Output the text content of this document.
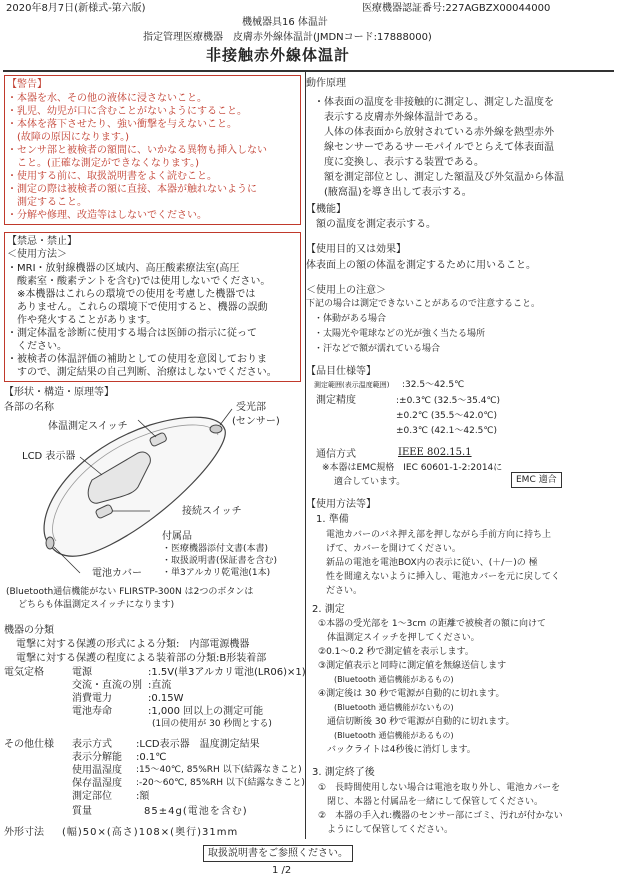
2020年8月7日(新様式-第六版)	医療機器認証番号:227AGBZX00044000
機械器具16 体温計
指定管理医療機器　皮膚赤外線体温計(JMDNコード:17888000)
非接触赤外線体温計
【警告】
・本器を水、その他の液体に浸さないこと。
・乳児、幼児が口に含むことがないようにすること。
・本体を落下させたり、強い衝撃を与えないこと。
　(故障の原因になります。)
・センサ部と被検者の額間に、いかなる異物も挿入しない
　こと。(正確な測定ができなくなります。)
・使用する前に、取扱説明書をよく読むこと。
・測定の際は被検者の額に直接、本器が触れないように
　測定すること。
・分解や修理、改造等はしないでください。
【禁忌・禁止】
＜使用方法＞
・MRI・放射線機器の区域内、高圧酸素療法室(高圧
　酸素室・酸素テントを含む)では使用しないでください。
　※本機器はこれらの環境での使用を考慮した機器では
　ありません。これらの環境下で使用すると、機器の誤動
　作や発火することがあります。
・測定体温を診断に使用する場合は医師の指示に従って
　ください。
・被検者の体温評価の補助としての使用を意図しておりま
　すので、測定結果の自己判断、治療はしないでください。
【形状・構造・原理等】
各部の名称	受光部
(センサー)
体温測定スイッチ
LCD 表示器
接続スイッチ
電池カバー
付属品
・医療機器添付文書(本書)
・取扱説明書(保証書を含む)
・単3アルカリ乾電池(1本)
(Bluetooth通信機能がない FLIRSTP-300N は2つのボタンは
どちらも体温測定スイッチになります)
機器の分類
電撃に対する保護の形式による分類:　内部電源機器
電撃に対する保護の程度による装着部の分類:B形装着部
電気定格	電源	:1.5V(単3アルカリ電池(LR06)×1)
交流・直流の別 :直流
消費電力	:0.15W
電池寿命	:1,000 回以上の測定可能
(1回の使用が 30 秒間とする)
その他仕様 表示方式	:LCD表示器　温度測定結果
表示分解能	:0.1℃
使用温湿度	:15～40℃, 85%RH 以下(結露なきこと)
保存温湿度	:-20～60℃, 85%RH 以下(結露なきこと)
測定部位	:額
質量	85±4g(電池を含む)
外形寸法 (幅)50×(高さ)108×(奥行)31mm
取扱説明書をご参照ください。
1 /2
動作原理
・体表面の温度を非接触的に測定し、測定した温度を
　表示する皮膚赤外線体温計である。
　人体の体表面から放射されている赤外線を熱型赤外
　線センサーであるサーモパイルでとらえて体表面温
　度に変換し、表示する装置である。
　額を測定部位とし、測定した額温及び外気温から体温
　(腋窩温)を導き出して表示する。
【機能】
額の温度を測定表示する。
【使用目的又は効果】
体表面上の額の体温を測定するために用いること。
＜使用上の注意＞
下記の場合は測定できないことがあるので注意すること。
・体動がある場合
・太陽光や電球などの光が強く当たる場所
・汗などで額が濡れている場合
【品目仕様等】
測定範囲(表示温度範囲) :32.5～42.5℃
測定精度	:±0.3℃ (32.5～35.4℃)
±0.2℃ (35.5～42.0℃)
±0.3℃ (42.1～42.5℃)
通信方式	IEEE 802.15.1
※本器はEMC規格　IEC 60601-1-2:2014に
適合しています。	EMC 適合
【使用方法等】
1. 準備
電池カバーのバネ押え部を押しながら手前方向に持ち上
げて、カバーを開けてください。
新品の電池を電池BOX内の表示に従い、(＋/－)の 極
性を間違えないように挿入し、電池カバーを元に戻してく
ださい。
2. 測定
①本器の受光部を 1～3cm の距離で被検者の額に向けて
　体温測定スイッチを押してください。
②0.1～0.2 秒で測定値を表示します。
③測定値表示と同時に測定値を無線送信します
　　(Bluetooth 通信機能があるもの)
④測定後は 30 秒で電源が自動的に切れます。
　　(Bluetooth 通信機能がないもの)
　通信切断後 30 秒で電源が自動的に切れます。
　　(Bluetooth 通信機能があるもの)
　バックライトは4秒後に消灯します。
3. 測定終了後
①　長時間使用しない場合は電池を取り外し、電池カバーを
　閉じ、本器と付属品を一緒にして保管してください。
②　本器の手入れ:機器のセンサー部にゴミ、汚れが付かない
　ようにして保管してください。
